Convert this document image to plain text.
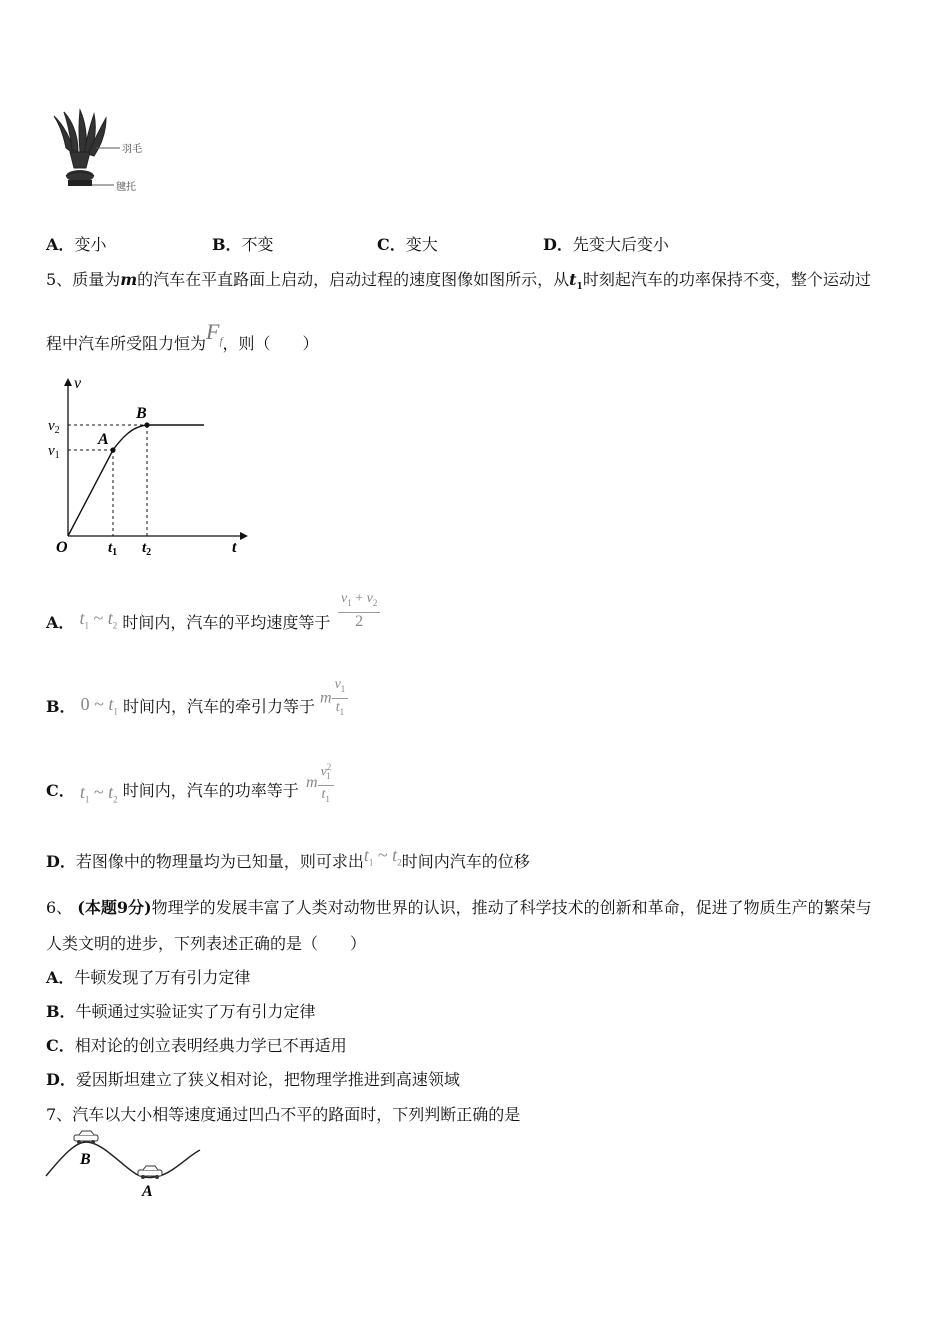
羽毛
毽托
A．变小	B．不变	C．变大	D．先变大后变小
5、质量为m的汽车在平直路面上启动，启动过程的速度图像如图所示，从$t_1$时刻起汽车的功率保持不变，整个运动过
程中汽车所受阻力恒为$F_f$，则（　　）
v
t
O
$v_2$
$v_1$
$t_1$ $t_2$
A
B
A． $t_1$ ~ $t_2$ 时间内，汽车的平均速度等于 $\frac{v_1 + v_2}{2}$
B． 0 ~ $t_1$ 时间内，汽车的牵引力等于 m $\frac{v_1}{t_1}$
C． $t_1$ ~ $t_2$ 时间内，汽车的功率等于 m $\frac{v^2_1}{t_1}$
D．若图像中的物理量均为已知量，则可求出$t_1$ ~ $t_2$时间内汽车的位移
6、 (本题9分)物理学的发展丰富了人类对动物世界的认识，推动了科学技术的创新和革命，促进了物质生产的繁荣与
人类文明的进步，下列表述正确的是（　　）
A．牛顿发现了万有引力定律
B．牛顿通过实验证实了万有引力定律
C．相对论的创立表明经典力学已不再适用
D．爱因斯坦建立了狭义相对论，把物理学推进到高速领域
7、汽车以大小相等速度通过凹凸不平的路面时，下列判断正确的是
B
A
